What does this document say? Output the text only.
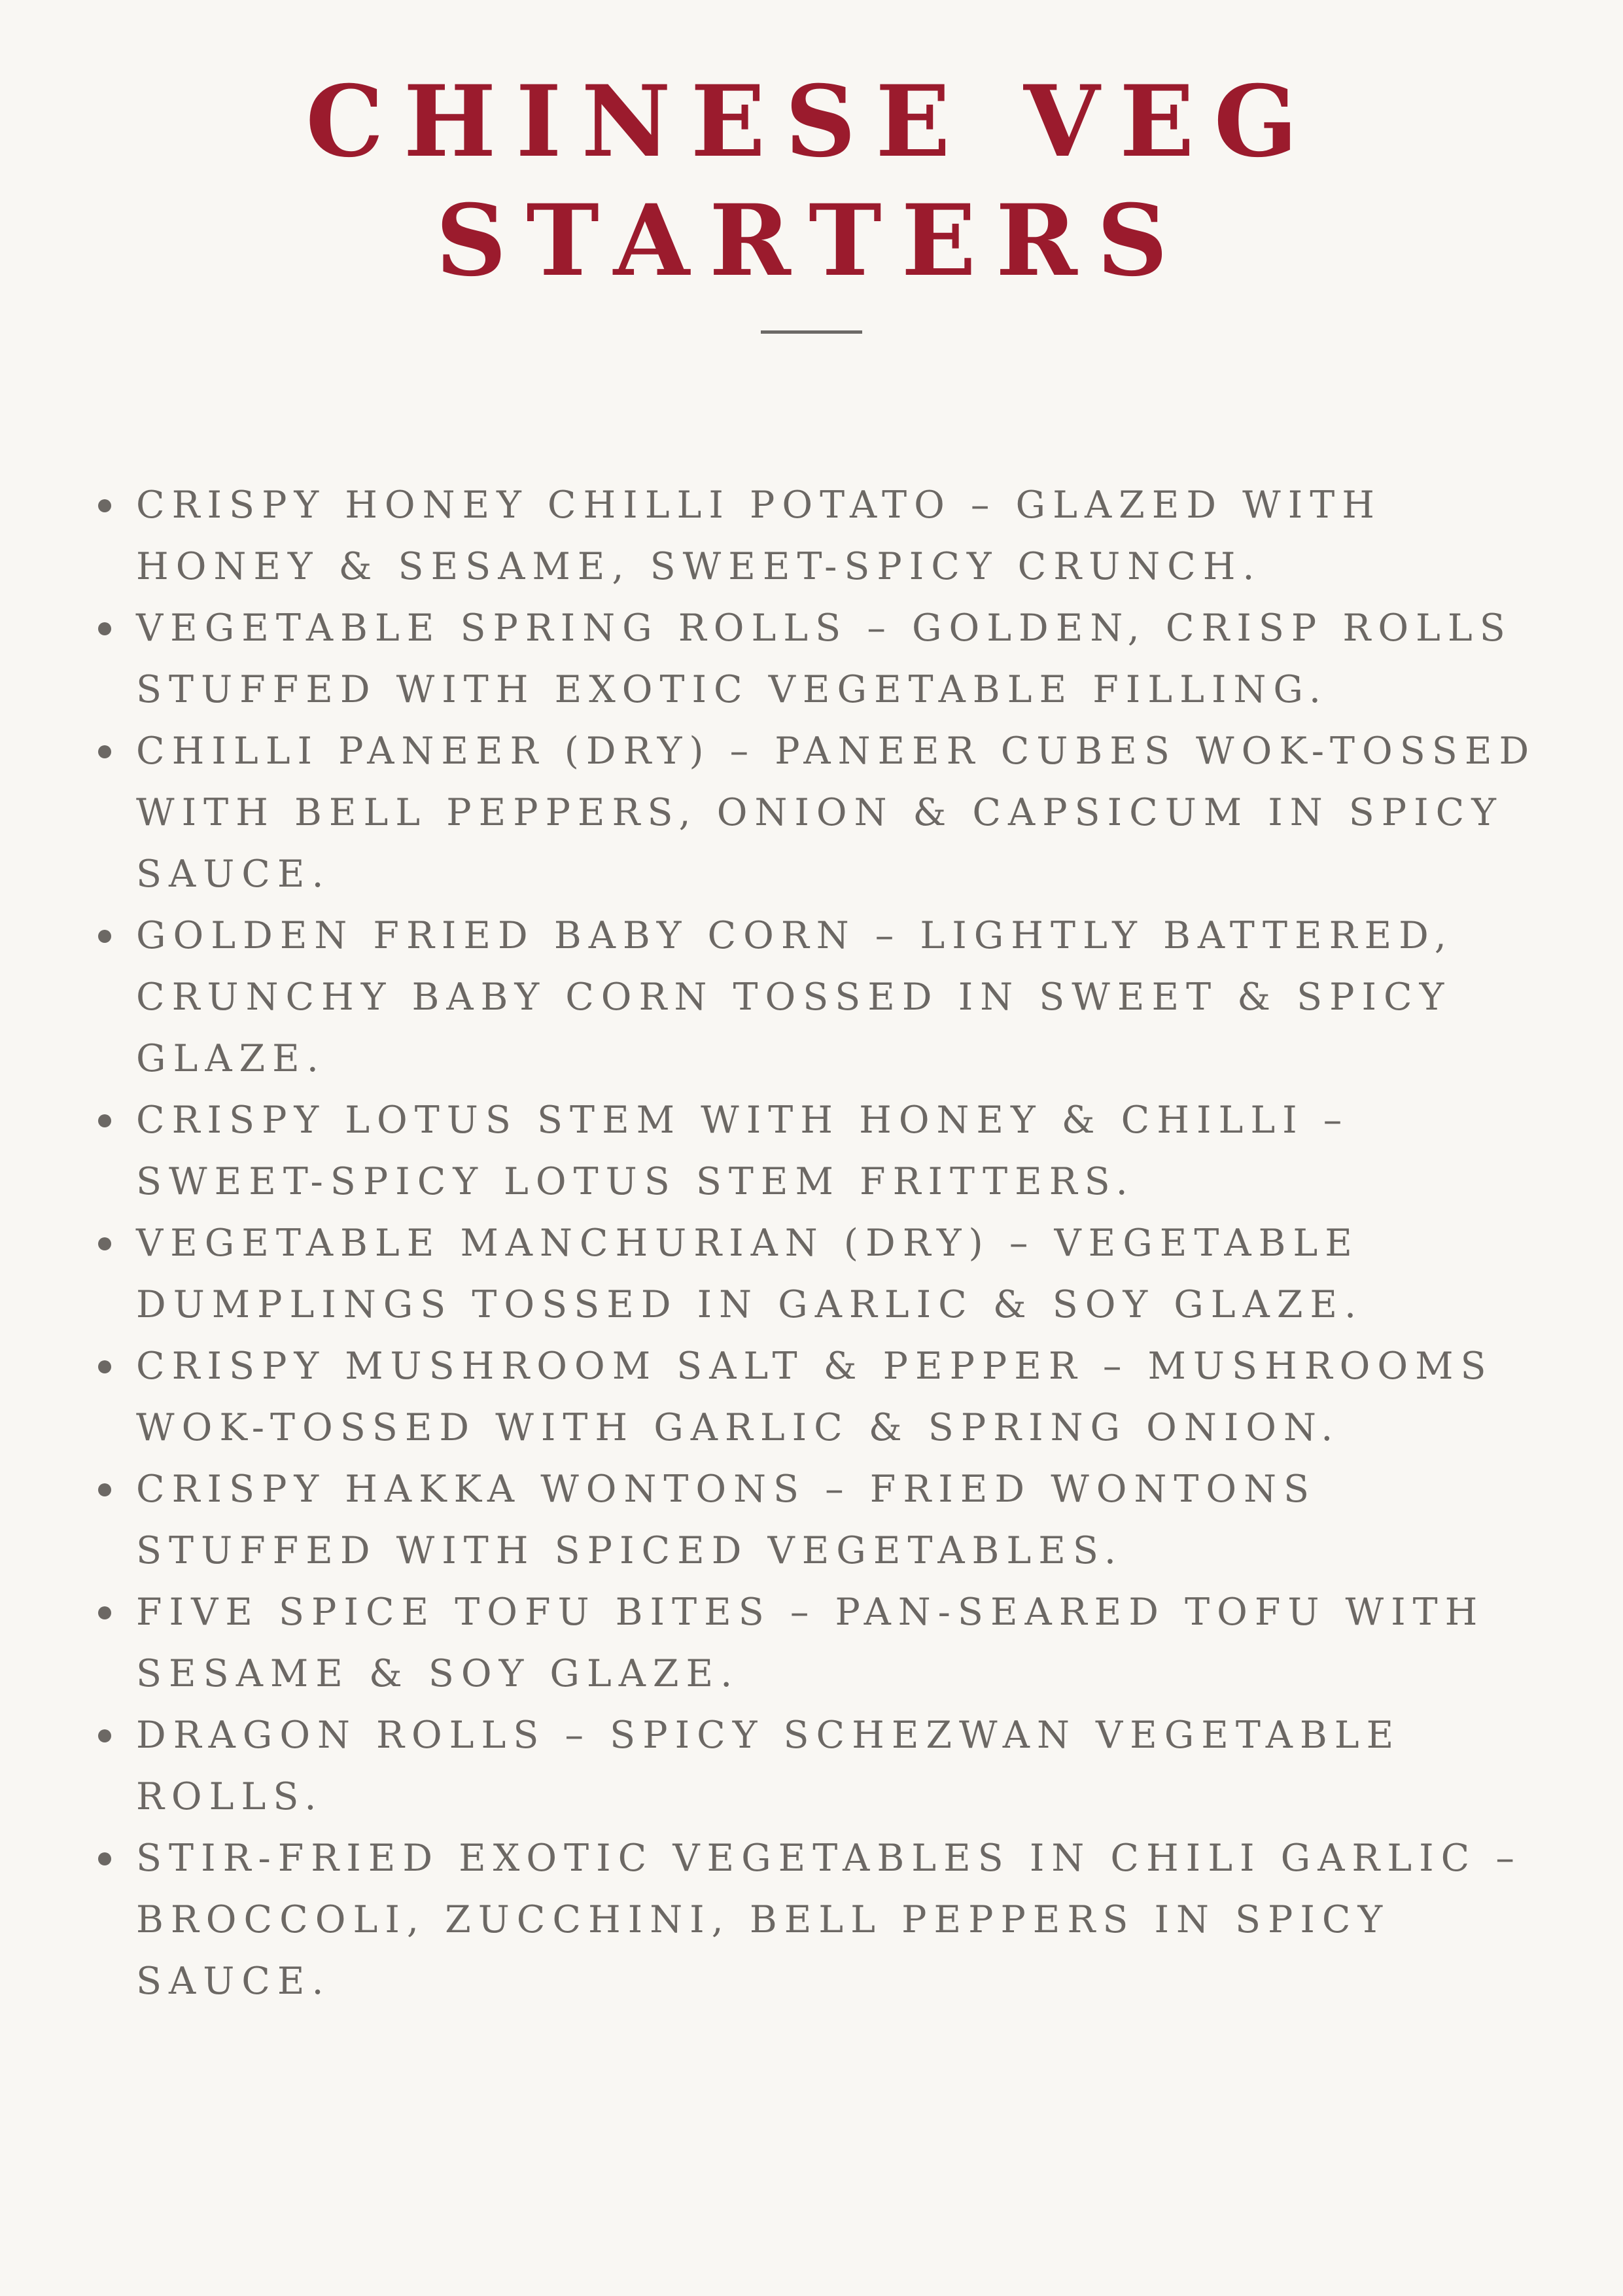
CHINESE VEG
STARTERS
CRISPY HONEY CHILLI POTATO – GLAZED WITH HONEY & SESAME, SWEET-SPICY CRUNCH.
VEGETABLE SPRING ROLLS – GOLDEN, CRISP ROLLS STUFFED WITH EXOTIC VEGETABLE FILLING.
CHILLI PANEER (DRY) – PANEER CUBES WOK-TOSSED WITH BELL PEPPERS, ONION & CAPSICUM IN SPICY SAUCE.
GOLDEN FRIED BABY CORN – LIGHTLY BATTERED, CRUNCHY BABY CORN TOSSED IN SWEET & SPICY GLAZE.
CRISPY LOTUS STEM WITH HONEY & CHILLI – SWEET-SPICY LOTUS STEM FRITTERS.
VEGETABLE MANCHURIAN (DRY) – VEGETABLE DUMPLINGS TOSSED IN GARLIC & SOY GLAZE.
CRISPY MUSHROOM SALT & PEPPER – MUSHROOMS WOK-TOSSED WITH GARLIC & SPRING ONION.
CRISPY HAKKA WONTONS – FRIED WONTONS STUFFED WITH SPICED VEGETABLES.
FIVE SPICE TOFU BITES – PAN-SEARED TOFU WITH SESAME & SOY GLAZE.
DRAGON ROLLS – SPICY SCHEZWAN VEGETABLE ROLLS.
STIR-FRIED EXOTIC VEGETABLES IN CHILI GARLIC – BROCCOLI, ZUCCHINI, BELL PEPPERS IN SPICY SAUCE.
